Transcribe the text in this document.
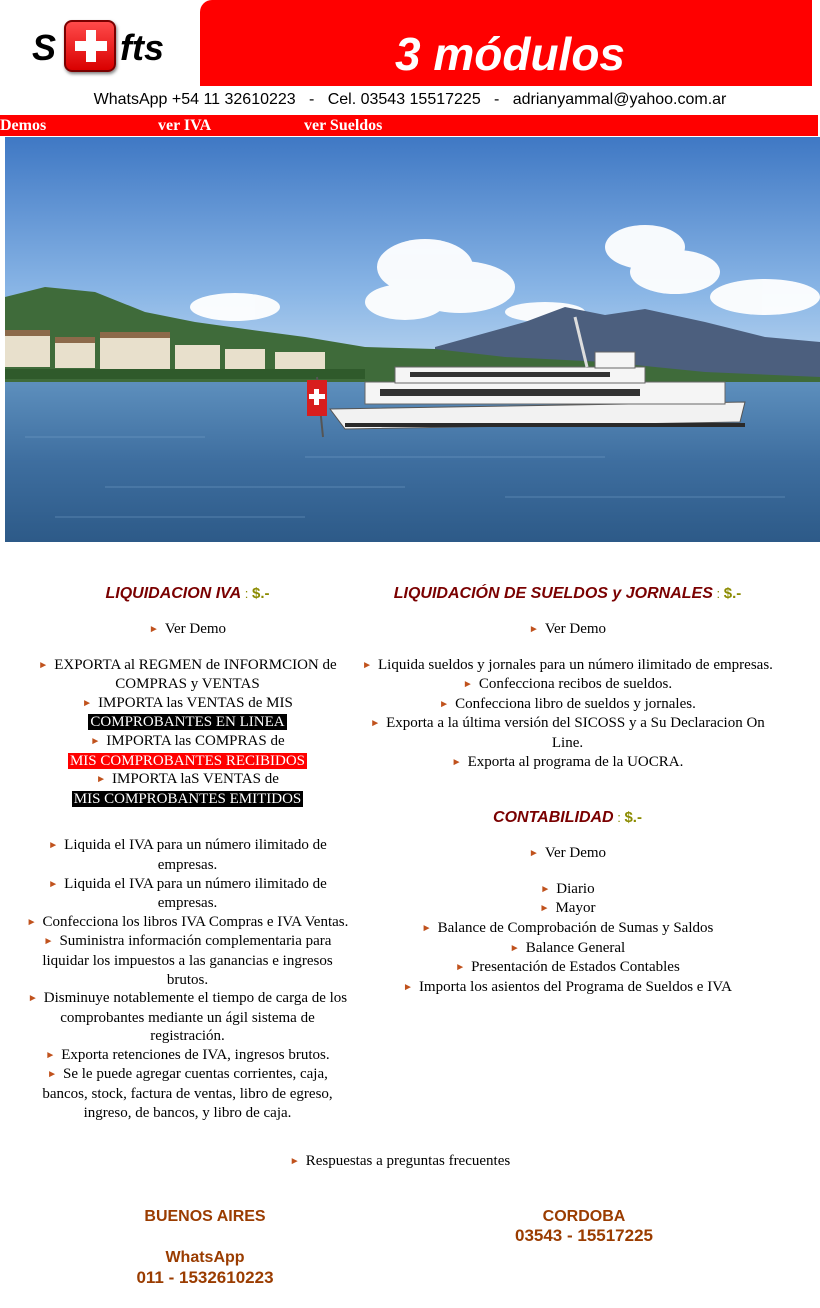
S fts	3 módulos
WhatsApp +54 11 32610223   -   Cel. 03543 15517225   -   adrianyammal@yahoo.com.ar
Demos	ver IVA	ver Sueldos
LIQUIDACION IVA : $.-
► Ver Demo
► EXPORTA al REGMEN de INFORMCION de COMPRAS y VENTAS
► IMPORTA las VENTAS de MIS
COMPROBANTES EN LINEA
► IMPORTA las COMPRAS de
MIS COMPROBANTES RECIBIDOS
► IMPORTA laS VENTAS de
MIS COMPROBANTES EMITIDOS
► Liquida el IVA para un número ilimitado de empresas.
► Liquida el IVA para un número ilimitado de empresas.
► Confecciona los libros IVA Compras e IVA Ventas.
► Suministra información complementaria para liquidar los impuestos a las ganancias e ingresos brutos.
► Disminuye notablemente el tiempo de carga de los comprobantes mediante un ágil sistema de registración.
► Exporta retenciones de IVA, ingresos brutos.
► Se le puede agregar cuentas corrientes, caja, bancos, stock, factura de ventas, libro de egreso, ingreso, de bancos, y libro de caja.
LIQUIDACIÓN DE SUELDOS y JORNALES : $.-
► Ver Demo
► Liquida sueldos y jornales para un número ilimitado de empresas.
► Confecciona recibos de sueldos.
► Confecciona libro de sueldos y jornales.
► Exporta a la última versión del SICOSS y a Su Declaracion On Line.
► Exporta al programa de la UOCRA.
CONTABILIDAD : $.-
► Ver Demo
► Diario
► Mayor
► Balance de Comprobación de Sumas y Saldos
► Balance General
► Presentación de Estados Contables
► Importa los asientos del Programa de Sueldos e IVA
► Respuestas a preguntas frecuentes
BUENOS AIRES
WhatsApp
011 - 1532610223
CORDOBA
03543 - 15517225
